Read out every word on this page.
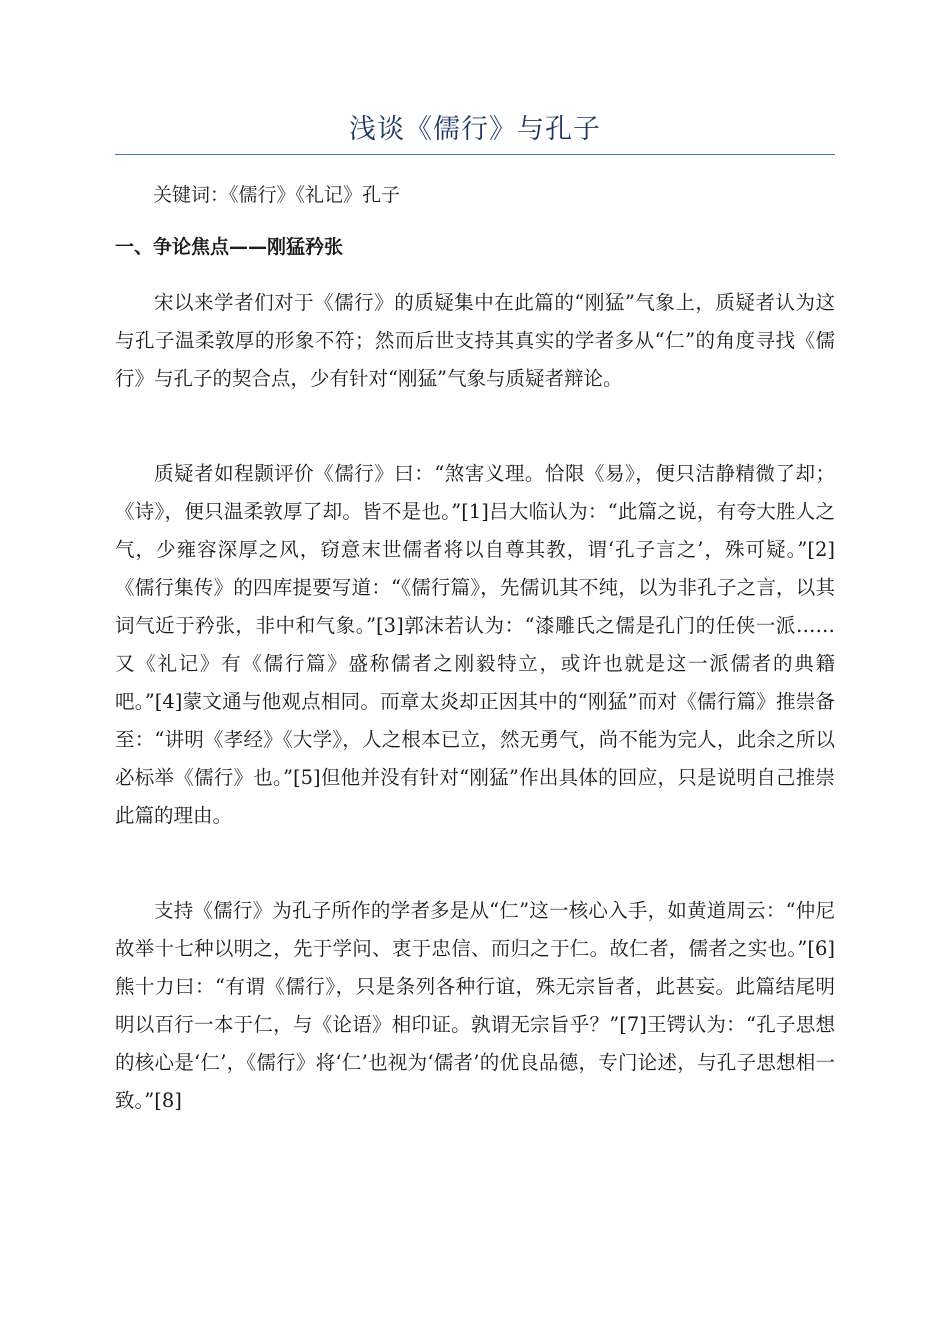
浅谈《儒行》与孔子

关键词：《儒行》《礼记》孔子

一、争论焦点——刚猛矜张

宋以来学者们对于《儒行》的质疑集中在此篇的“刚猛”气象上，质疑者认为这与孔子温柔敦厚的形象不符；然而后世支持其真实的学者多从“仁”的角度寻找《儒行》与孔子的契合点，少有针对“刚猛”气象与质疑者辩论。

质疑者如程颢评价《儒行》曰：“煞害义理。恰限《易》，便只洁静精微了却；《诗》，便只温柔敦厚了却。皆不是也。”[1]吕大临认为：“此篇之说，有夸大胜人之气，少雍容深厚之风，窃意末世儒者将以自尊其教，谓‘孔子言之’，殊可疑。”[2]《儒行集传》的四库提要写道：“《儒行篇》，先儒讥其不纯，以为非孔子之言，以其词气近于矜张，非中和气象。”[3]郭沫若认为：“漆雕氏之儒是孔门的任侠一派……又《礼记》有《儒行篇》盛称儒者之刚毅特立，或许也就是这一派儒者的典籍吧。”[4]蒙文通与他观点相同。而章太炎却正因其中的“刚猛”而对《儒行篇》推崇备至：“讲明《孝经》《大学》，人之根本已立，然无勇气，尚不能为完人，此余之所以必标举《儒行》也。”[5]但他并没有针对“刚猛”作出具体的回应，只是说明自己推崇此篇的理由。

支持《儒行》为孔子所作的学者多是从“仁”这一核心入手，如黄道周云：“仲尼故举十七种以明之，先于学问、衷于忠信、而归之于仁。故仁者，儒者之实也。”[6]熊十力曰：“有谓《儒行》，只是条列各种行谊，殊无宗旨者，此甚妄。此篇结尾明明以百行一本于仁，与《论语》相印证。孰谓无宗旨乎？”[7]王锷认为：“孔子思想的核心是‘仁’，《儒行》将‘仁’也视为‘儒者’的优良品德，专门论述，与孔子思想相一致。”[8]
